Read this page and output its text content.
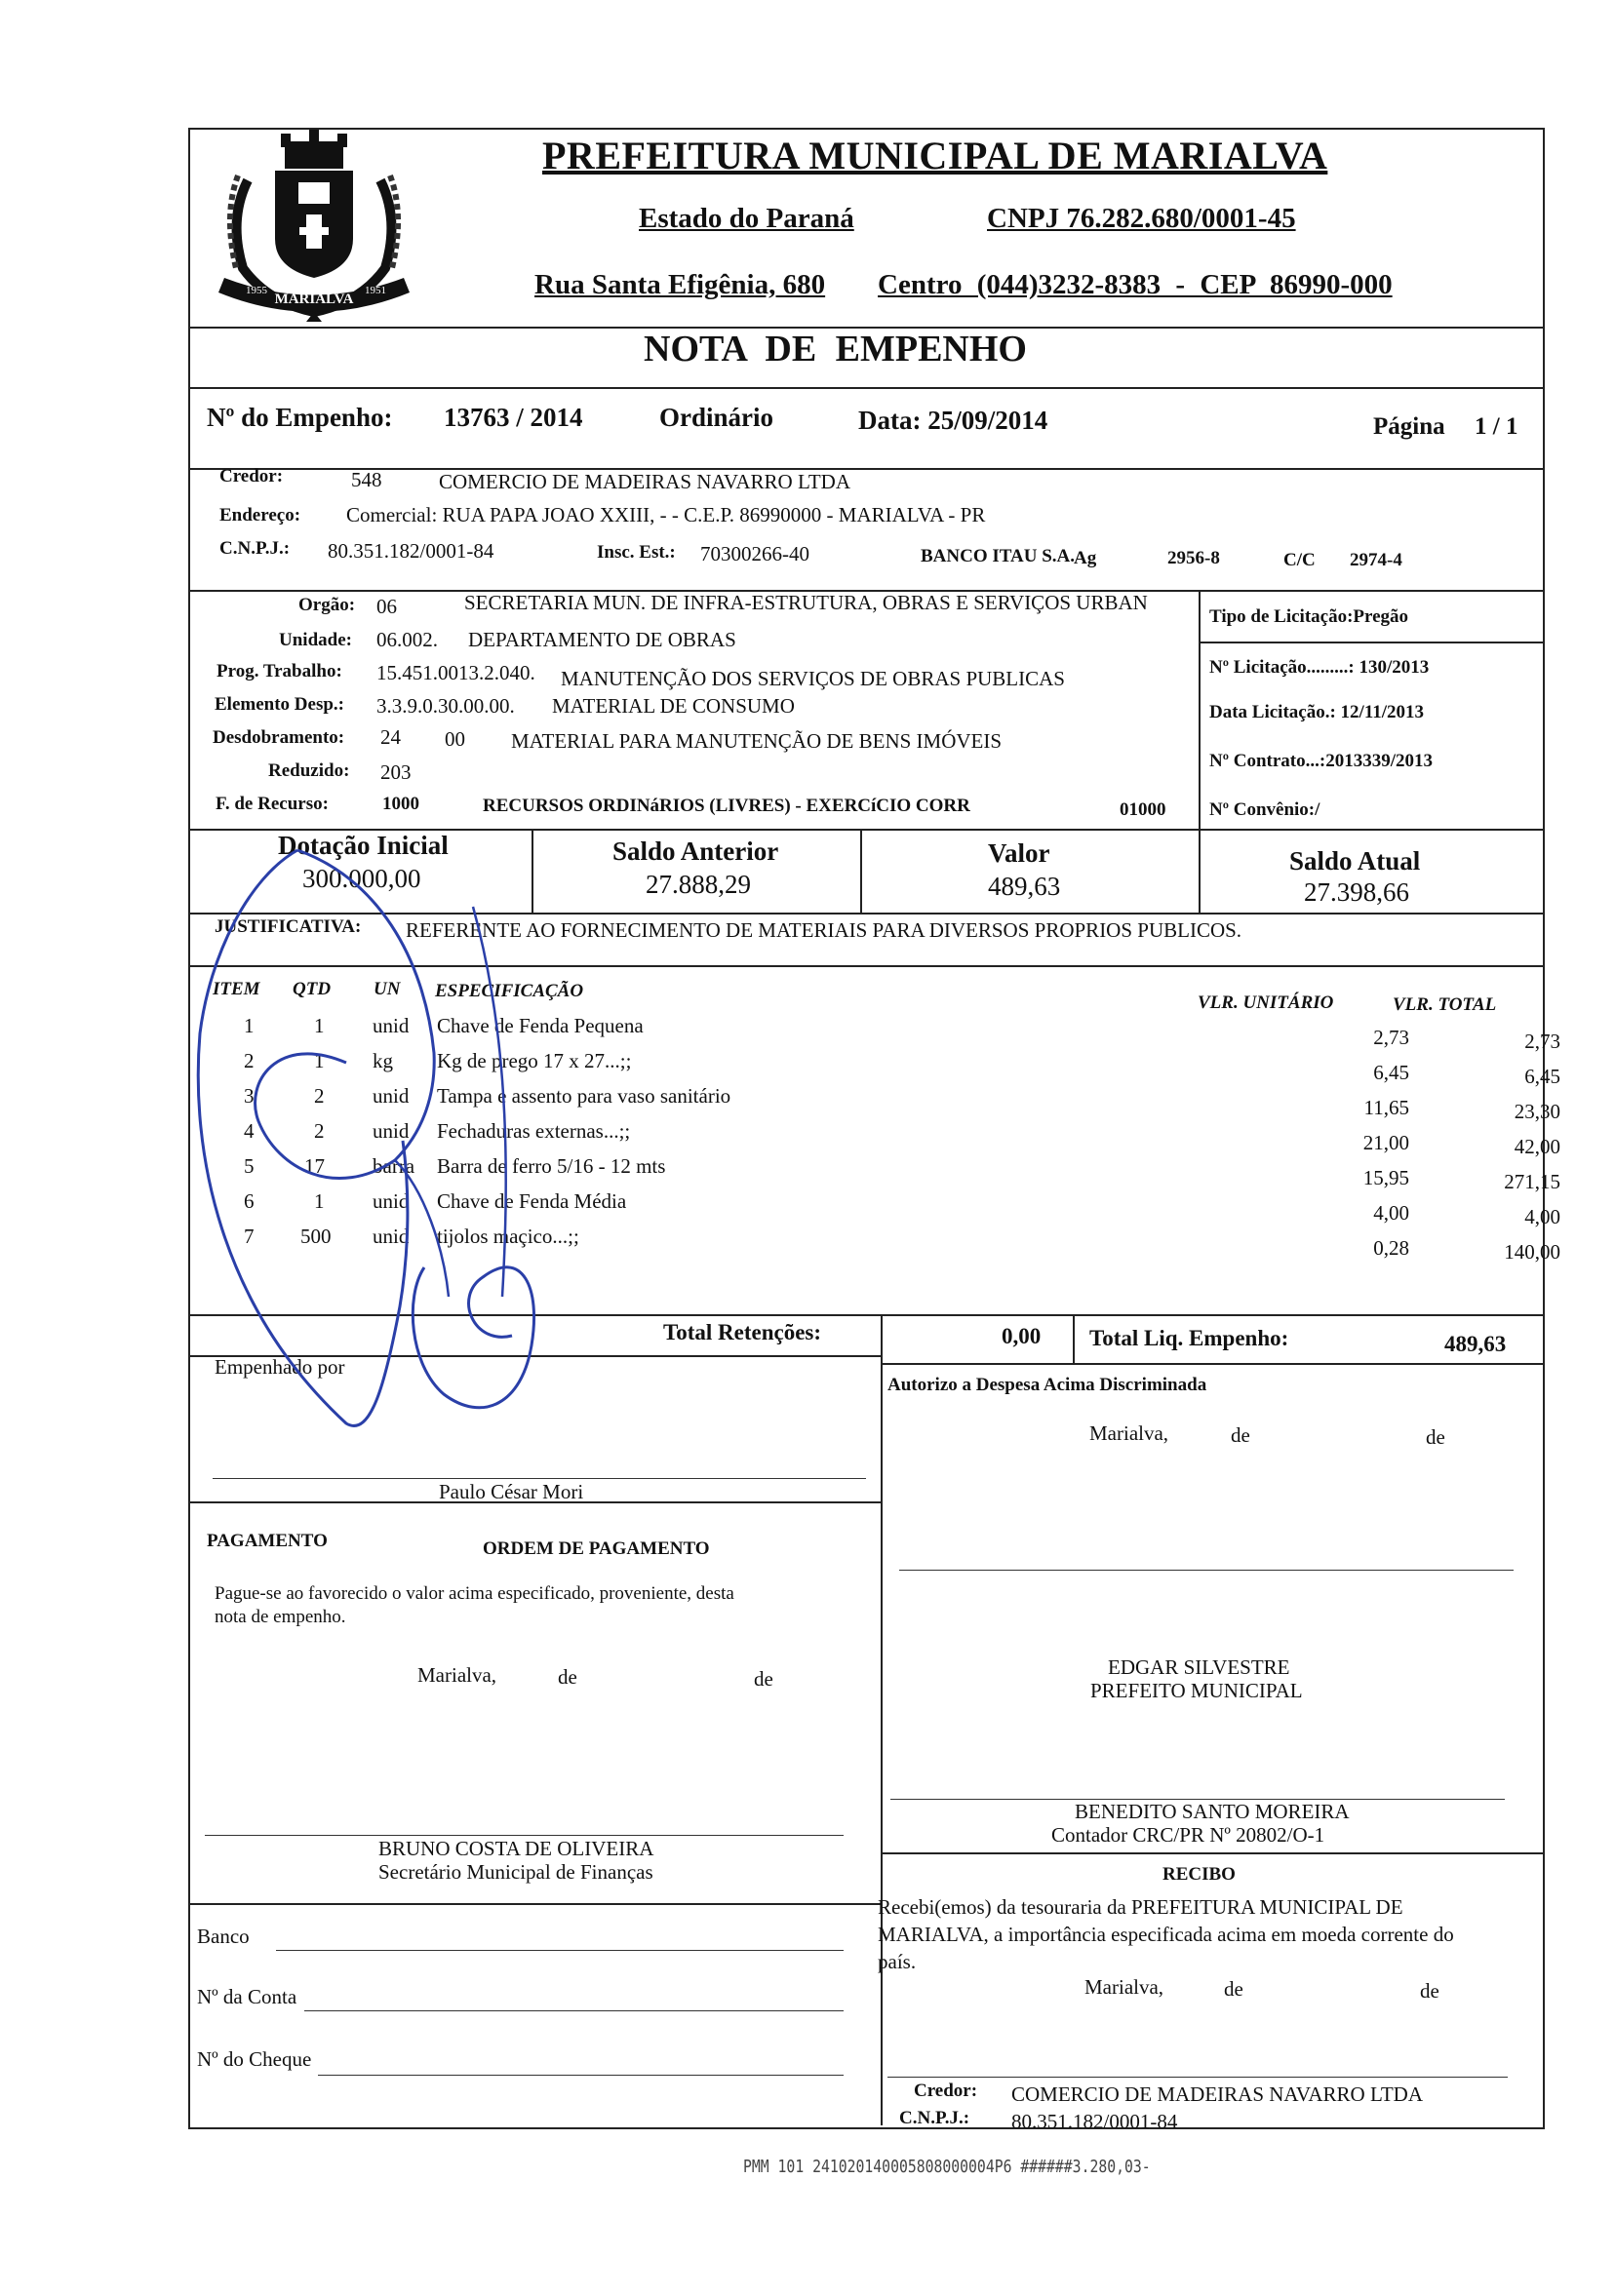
MARIALVA
1955	1951
PREFEITURA MUNICIPAL DE MARIALVA
Estado do Paraná	CNPJ 76.282.680/0001-45
Rua Santa Efigênia, 680 Centro (044)3232-8383 - CEP 86990-000
NOTA DE EMPENHO
Nº do Empenho: 13763 / 2014	Ordinário	Data: 25/09/2014	Página 1 / 1
Credor:	548	COMERCIO DE MADEIRAS NAVARRO LTDA
Endereço: Comercial: RUA PAPA JOAO XXIII, - - C.E.P. 86990000 - MARIALVA - PR
C.N.P.J.: 80.351.182/0001-84	Insc. Est.: 70300266-40	BANCO ITAU S.A.
Ag	2956-8	C/C 2974-4
Orgão: 06	SECRETARIA MUN. DE INFRA-ESTRUTURA, OBRAS E SERVIÇOS URBAN
Unidade: 06.002. DEPARTAMENTO DE OBRAS
Prog. Trabalho: 15.451.0013.2.040. MANUTENÇÃO DOS SERVIÇOS DE OBRAS PUBLICAS
Elemento Desp.: 3.3.9.0.30.00.00. MATERIAL DE CONSUMO
Desdobramento: 24 00 MATERIAL PARA MANUTENÇÃO DE BENS IMÓVEIS
Reduzido: 203
F. de Recurso:	1000	RECURSOS ORDINáRIOS (LIVRES) - EXERCíCIO CORR	01000
Tipo de Licitação:Pregão
Nº Licitação.........: 130/2013
Data Licitação.: 12/11/2013
Nº Contrato...:2013339/2013
Nº Convênio:/
Dotação Inicial
300.000,00
Saldo Anterior
27.888,29
Valor
489,63
Saldo Atual
27.398,66
JUSTIFICATIVA: REFERENTE AO FORNECIMENTO DE MATERIAIS PARA DIVERSOS PROPRIOS PUBLICOS.
ITEM QTD UN ESPECIFICAÇÃO
VLR. UNITÁRIO	VLR. TOTAL
1	1 unid Chave de Fenda Pequena	2,73	2,73
2	1 kg Kg de prego 17 x 27...;;	6,45	6,45
3	2 unid Tampa e assento para vaso sanitário	11,65	23,30
4	2 unid Fechaduras externas...;;	21,00	42,00
5 17 barra Barra de ferro 5/16 - 12 mts	15,95	271,15
6	1 unid Chave de Fenda Média	4,00	4,00
7 500 unid tijolos maçico...;;	0,28	140,00
Total Retenções:	0,00 Total Liq. Empenho:	489,63
Empenhado por
Paulo César Mori
Autorizo a Despesa Acima Discriminada
Marialva,	de	de
PAGAMENTO	ORDEM DE PAGAMENTO
Pague-se ao favorecido o valor acima especificado, proveniente, desta
nota de empenho.
Marialva,	de	de	EDGAR SILVESTRE
PREFEITO MUNICIPAL
BENEDITO SANTO MOREIRA
Contador CRC/PR Nº 20802/O-1
BRUNO COSTA DE OLIVEIRA
Secretário Municipal de Finanças
Banco
Nº da Conta
Nº do Cheque
RECIBO
Recebi(emos) da tesouraria da PREFEITURA MUNICIPAL DE
MARIALVA, a importância especificada acima em moeda corrente do
país.
Marialva,	de	de
Credor: COMERCIO DE MADEIRAS NAVARRO LTDA
C.N.P.J.: 80.351.182/0001-84
PMM 101 241020140005808000004P6 ######3.280,03-
